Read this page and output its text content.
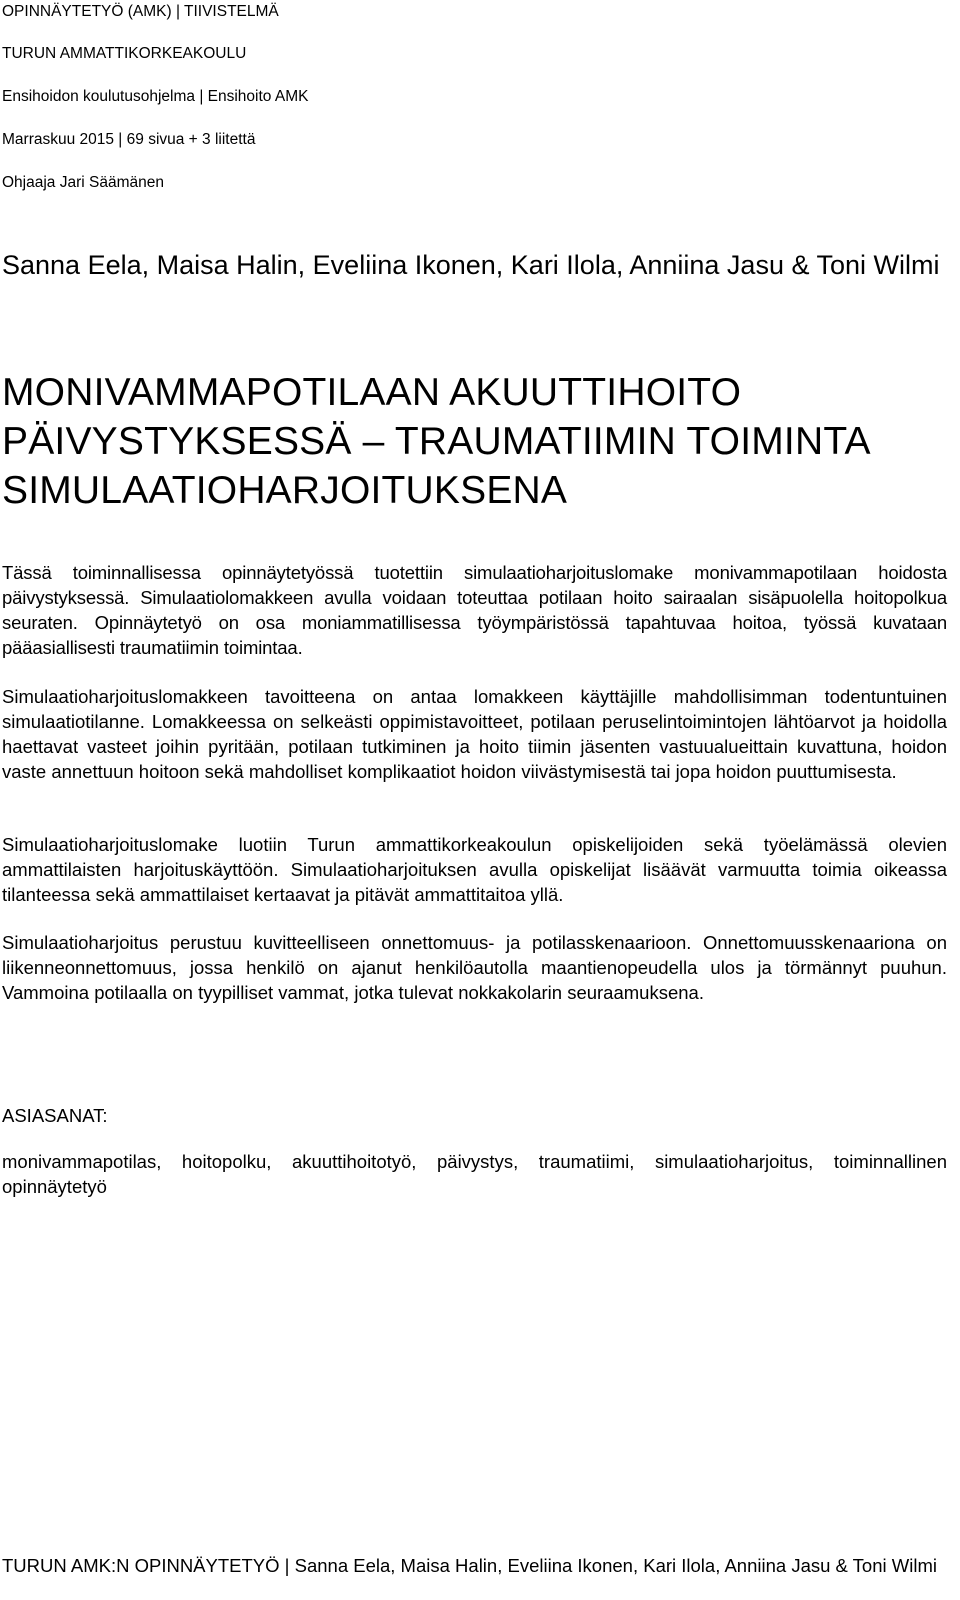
OPINNÄYTETYÖ (AMK) | TIIVISTELMÄ
TURUN AMMATTIKORKEAKOULU
Ensihoidon koulutusohjelma | Ensihoito AMK
Marraskuu 2015 | 69 sivua + 3 liitettä
Ohjaaja Jari Säämänen
Sanna Eela, Maisa Halin, Eveliina Ikonen, Kari Ilola, Anniina Jasu & Toni Wilmi
MONIVAMMAPOTILAAN AKUUTTIHOITO PÄIVYSTYKSESSÄ – TRAUMATIIMIN TOIMINTA SIMULAATIOHARJOITUKSENA

Tässä toiminnallisessa opinnäytetyössä tuotettiin simulaatioharjoituslomake monivammapotilaan hoidosta päivystyksessä. Simulaatiolomakkeen avulla voidaan toteuttaa potilaan hoito sairaalan sisäpuolella hoitopolkua seuraten. Opinnäytetyö on osa moniammatillisessa työympäristössä tapahtuvaa hoitoa, työssä kuvataan pääasiallisesti traumatiimin toimintaa.

Simulaatioharjoituslomakkeen tavoitteena on antaa lomakkeen käyttäjille mahdollisimman todentuntuinen simulaatiotilanne. Lomakkeessa on selkeästi oppimistavoitteet, potilaan peruselintoimintojen lähtöarvot ja hoidolla haettavat vasteet joihin pyritään, potilaan tutkiminen ja hoito tiimin jäsenten vastuualueittain kuvattuna, hoidon vaste annettuun hoitoon sekä mahdolliset komplikaatiot hoidon viivästymisestä tai jopa hoidon puuttumisesta.

Simulaatioharjoituslomake luotiin Turun ammattikorkeakoulun opiskelijoiden sekä työelämässä olevien ammattilaisten harjoituskäyttöön. Simulaatioharjoituksen avulla opiskelijat lisäävät varmuutta toimia oikeassa tilanteessa sekä ammattilaiset kertaavat ja pitävät ammattitaitoa yllä.

Simulaatioharjoitus perustuu kuvitteelliseen onnettomuus- ja potilasskenaarioon. Onnettomuusskenaariona on liikenneonnettomuus, jossa henkilö on ajanut henkilöautolla maantienopeudella ulos ja törmännyt puuhun. Vammoina potilaalla on tyypilliset vammat, jotka tulevat nokkakolarin seuraamuksena.

ASIASANAT:
monivammapotilas, hoitopolku, akuuttihoitotyö, päivystys, traumatiimi, simulaatioharjoitus, toiminnallinen opinnäytetyö
TURUN AMK:N OPINNÄYTETYÖ | Sanna Eela, Maisa Halin, Eveliina Ikonen, Kari Ilola, Anniina Jasu & Toni Wilmi
